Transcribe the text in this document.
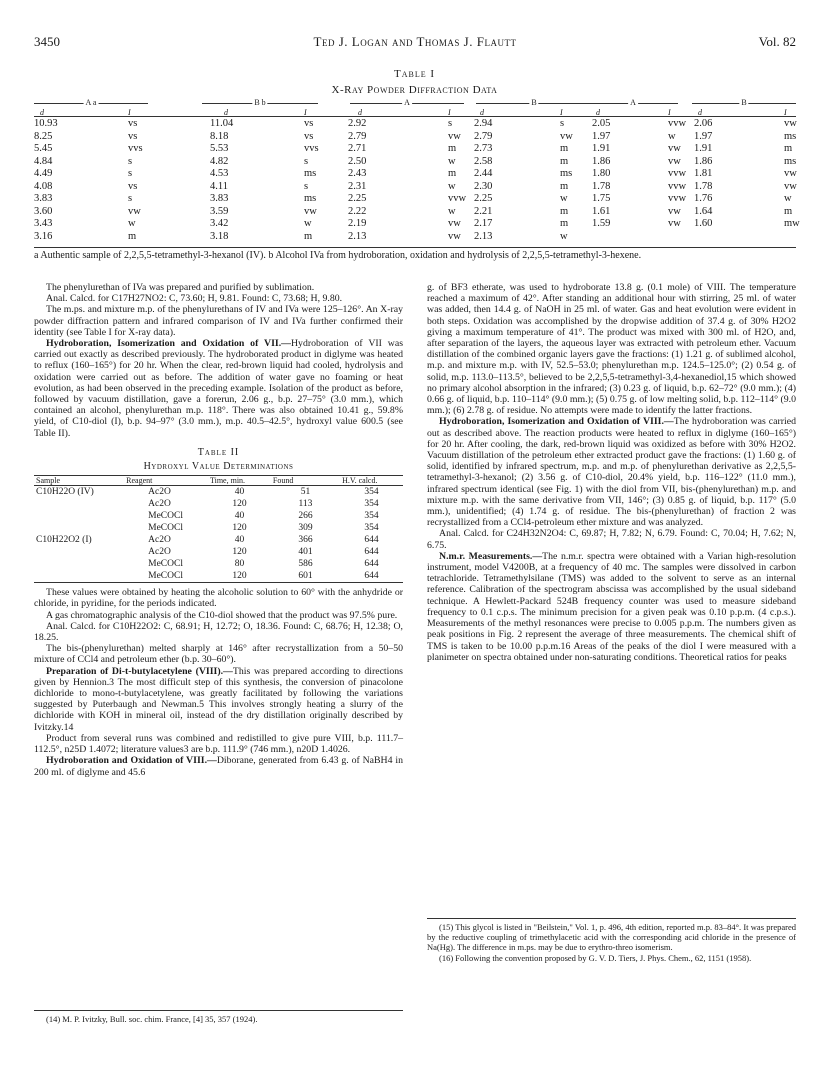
3450	Ted J. Logan and Thomas J. Flautt	Vol. 82
Table I
X-Ray Powder Diffraction Data
A a	B b	A	B	A	B
d	I	d	I	d	I	d	I	d	I	d	I
10.93	vs	11.04	vs	2.92	s 2.94	s	2.05	vvw 2.06	vw
8.25	vs	8.18	vs	2.79	vw 2.79	vw 1.97	w 1.97	ms
5.45	vvs	5.53	vvs	2.71	m 2.73	m 1.91	vw 1.91	m
4.84	s	4.82	s	2.50	w 2.58	m 1.86	vw 1.86	ms
4.49	s	4.53	ms	2.43	m 2.44	ms 1.80	vvw 1.81	vw
4.08	vs	4.11	s	2.31	w 2.30	m 1.78	vvw 1.78	vw
3.83	s	3.83	ms	2.25	vvw 2.25	w 1.75	vvw 1.76	w
3.60	vw	3.59	vw	2.22	w 2.21	m 1.61	vw 1.64	m
3.43	w	3.42	w	2.19	vw 2.17	m 1.59	vw 1.60	mw
3.16	m	3.18	m	2.13	vw 2.13	w
a Authentic sample of 2,2,5,5-tetramethyl-3-hexanol (IV). b Alcohol IVa from hydroboration, oxidation and hydrolysis of 2,2,5,5-tetramethyl-3-hexene.

The phenylurethan of IVa was prepared and purified by sublimation.

Anal. Calcd. for C17H27NO2: C, 73.60; H, 9.81. Found: C, 73.68; H, 9.80.

The m.ps. and mixture m.p. of the phenylurethans of IV and IVa were 125–126°. An X-ray powder diffraction pattern and infrared comparison of IV and IVa further confirmed their identity (see Table I for X-ray data).

Hydroboration, Isomerization and Oxidation of VII.—Hydroboration of VII was carried out exactly as described previously. The hydroborated product in diglyme was heated to reflux (160–165°) for 20 hr. When the clear, red-brown liquid had cooled, hydrolysis and oxidation were carried out as before. The addition of water gave no foaming or heat evolution, as had been observed in the preceding example. Isolation of the product as before, followed by vacuum distillation, gave a forerun, 2.06 g., b.p. 27–75° (3.0 mm.), which contained an alcohol, phenylurethan m.p. 118°. There was also obtained 10.41 g., 59.8% yield, of C10-diol (I), b.p. 94–97° (3.0 mm.), m.p. 40.5–42.5°, hydroxyl value 600.5 (see Table II).

Table II
Hydroxyl Value Determinations
Sample	Reagent	Time, min.	Found	H.V. calcd.
C10H22O (IV)	Ac2O	40	51	354
	Ac2O	120	113	354
	MeCOCl	40	266	354
	MeCOCl	120	309	354
C10H22O2 (I)	Ac2O	40	366	644
	Ac2O	120	401	644
	MeCOCl	80	586	644
	MeCOCl	120	601	644

These values were obtained by heating the alcoholic solution to 60° with the anhydride or chloride, in pyridine, for the periods indicated.

A gas chromatographic analysis of the C10-diol showed that the product was 97.5% pure.

Anal. Calcd. for C10H22O2: C, 68.91; H, 12.72; O, 18.36. Found: C, 68.76; H, 12.38; O, 18.25.

The bis-(phenylurethan) melted sharply at 146° after recrystallization from a 50–50 mixture of CCl4 and petroleum ether (b.p. 30–60°).

Preparation of Di-t-butylacetylene (VIII).—This was prepared according to directions given by Hennion.3 The most difficult step of this synthesis, the conversion of pinacolone dichloride to mono-t-butylacetylene, was greatly facilitated by following the variations suggested by Puterbaugh and Newman.5 This involves strongly heating a slurry of the dichloride with KOH in mineral oil, instead of the dry distillation originally described by Ivitzky.14

Product from several runs was combined and redistilled to give pure VIII, b.p. 111.7–112.5°, n25D 1.4072; literature values3 are b.p. 111.9° (746 mm.), n20D 1.4026.

Hydroboration and Oxidation of VIII.—Diborane, generated from 6.43 g. of NaBH4 in 200 ml. of diglyme and 45.6

(14) M. P. Ivitzky, Bull. soc. chim. France, [4] 35, 357 (1924).

g. of BF3 etherate, was used to hydroborate 13.8 g. (0.1 mole) of VIII. The temperature reached a maximum of 42°. After standing an additional hour with stirring, 25 ml. of water was added, then 14.4 g. of NaOH in 25 ml. of water. Gas and heat evolution were evident in both steps. Oxidation was accomplished by the dropwise addition of 37.4 g. of 30% H2O2 giving a maximum temperature of 41°. The product was mixed with 300 ml. of H2O, and, after separation of the layers, the aqueous layer was extracted with petroleum ether. Vacuum distillation of the combined organic layers gave the fractions: (1) 1.21 g. of sublimed alcohol, m.p. and mixture m.p. with IV, 52.5–53.0; phenylurethan m.p. 124.5–125.0°; (2) 0.54 g. of solid, m.p. 113.0–113.5°, believed to be 2,2,5,5-tetramethyl-3,4-hexanediol,15 which showed no primary alcohol absorption in the infrared; (3) 0.23 g. of liquid, b.p. 62–72° (9.0 mm.); (4) 0.66 g. of liquid, b.p. 110–114° (9.0 mm.); (5) 0.75 g. of low melting solid, b.p. 112–114° (9.0 mm.); (6) 2.78 g. of residue. No attempts were made to identify the latter fractions.

Hydroboration, Isomerization and Oxidation of VIII.—The hydroboration was carried out as described above. The reaction products were heated to reflux in diglyme (160–165°) for 20 hr. After cooling, the dark, red-brown liquid was oxidized as before with 30% H2O2. Vacuum distillation of the petroleum ether extracted product gave the fractions: (1) 1.60 g. of solid, identified by infrared spectrum, m.p. and m.p. of phenylurethan derivative as 2,2,5,5-tetramethyl-3-hexanol; (2) 3.56 g. of C10-diol, 20.4% yield, b.p. 116–122° (11.0 mm.), infrared spectrum identical (see Fig. 1) with the diol from VII, bis-(phenylurethan) m.p. and mixture m.p. with the same derivative from VII, 146°; (3) 0.85 g. of liquid, b.p. 117° (5.0 mm.), unidentified; (4) 1.74 g. of residue. The bis-(phenylurethan) of fraction 2 was recrystallized from a CCl4-petroleum ether mixture and was analyzed.

Anal. Calcd. for C24H32N2O4: C, 69.87; H, 7.82; N, 6.79. Found: C, 70.04; H, 7.62; N, 6.75.

N.m.r. Measurements.—The n.m.r. spectra were obtained with a Varian high-resolution instrument, model V4200B, at a frequency of 40 mc. The samples were dissolved in carbon tetrachloride. Tetramethylsilane (TMS) was added to the solvent to serve as an internal reference. Calibration of the spectrogram abscissa was accomplished by the usual sideband technique. A Hewlett-Packard 524B frequency counter was used to measure sideband frequency to 0.1 c.p.s. The minimum precision for a given peak was 0.10 p.p.m. (4 c.p.s.). Measurements of the methyl resonances were precise to 0.005 p.p.m. The numbers given as peak positions in Fig. 2 represent the average of three measurements. The chemical shift of TMS is taken to be 10.00 p.p.m.16 Areas of the peaks of the diol I were measured with a planimeter on spectra obtained under non-saturating conditions. Theoretical ratios for peaks

(15) This glycol is listed in "Beilstein," Vol. 1, p. 496, 4th edition, reported m.p. 83–84°. It was prepared by the reductive coupling of trimethylacetic acid with the corresponding acid chloride in the presence of Na(Hg). The difference in m.ps. may be due to erythro-threo isomerism.

(16) Following the convention proposed by G. V. D. Tiers, J. Phys. Chem., 62, 1151 (1958).
